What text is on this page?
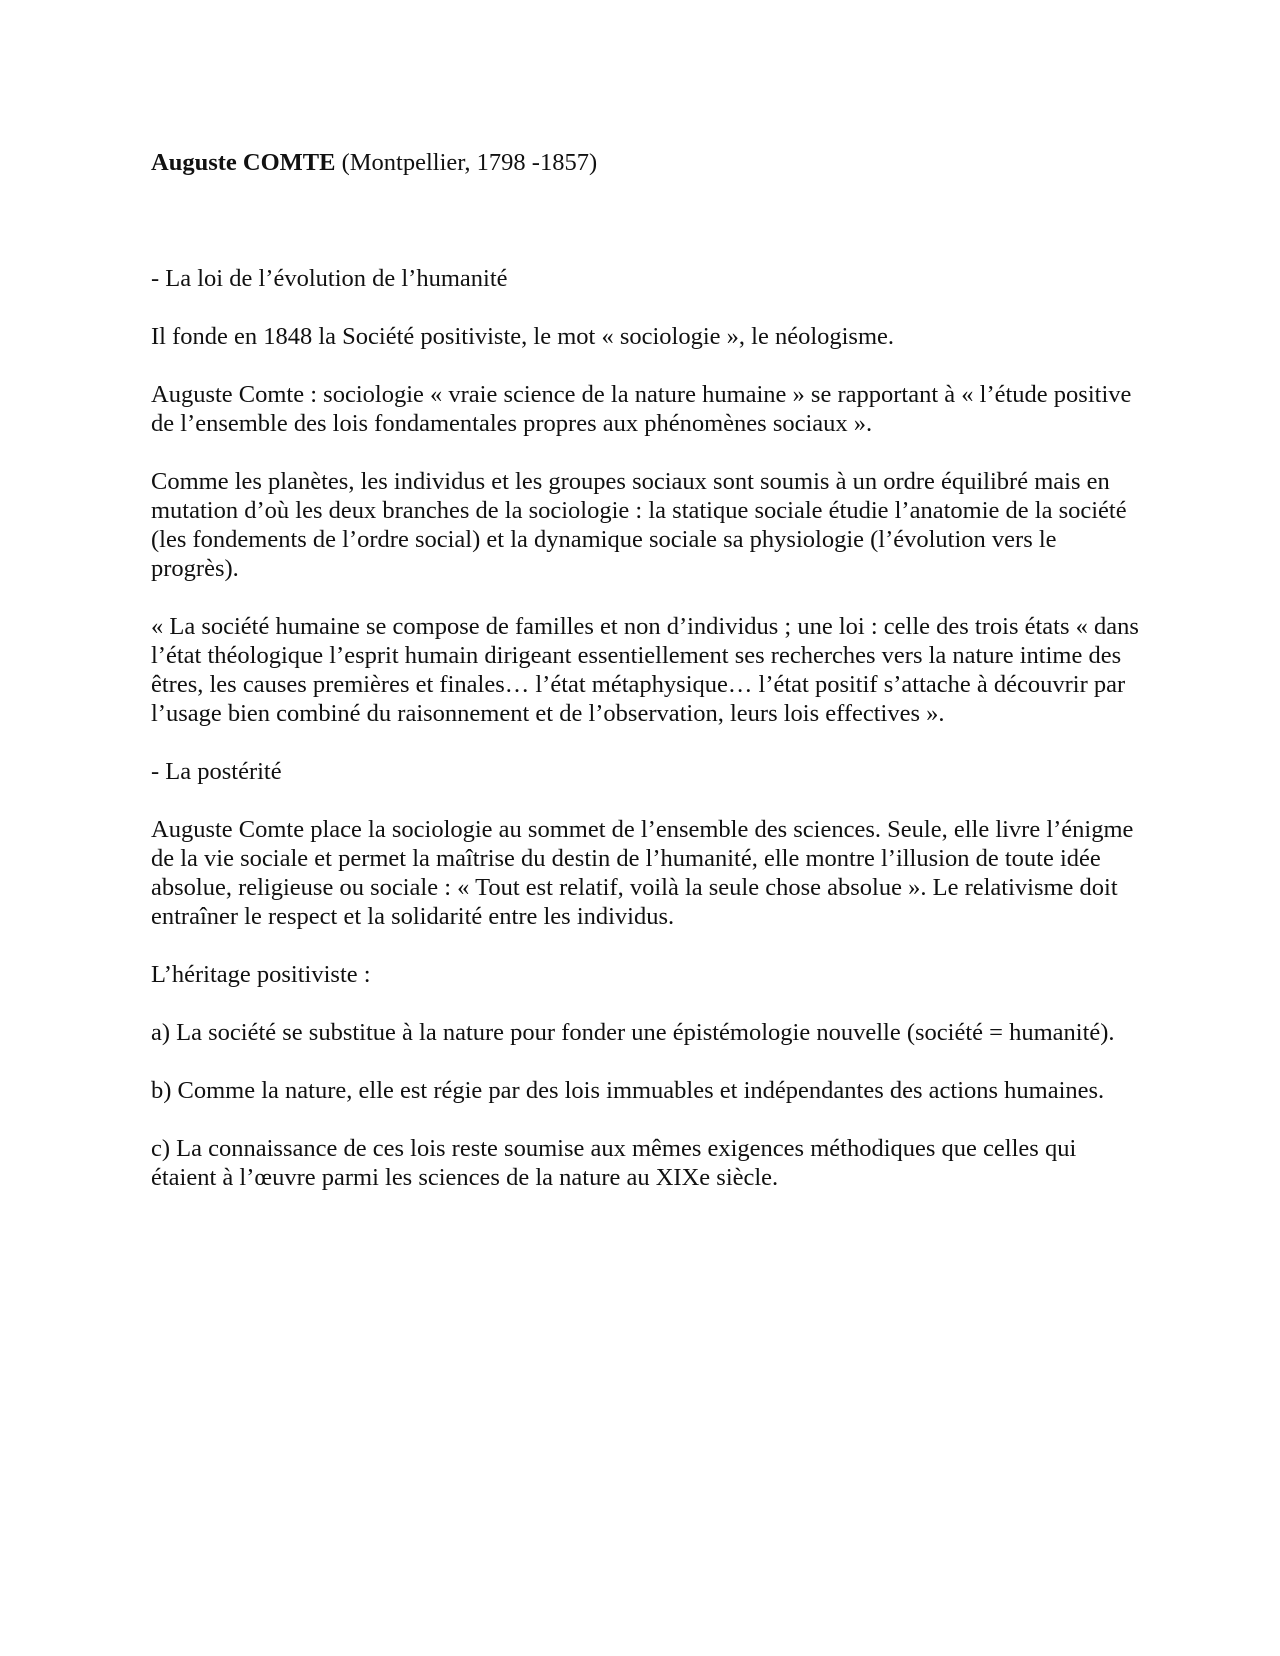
Auguste COMTE (Montpellier, 1798 -1857)

- La loi de l’évolution de l’humanité

Il fonde en 1848 la Société positiviste, le mot « sociologie », le néologisme.

Auguste Comte : sociologie « vraie science de la nature humaine » se rapportant à « l’étude positive de l’ensemble des lois fondamentales propres aux phénomènes sociaux ».

Comme les planètes, les individus et les groupes sociaux sont soumis à un ordre équilibré mais en mutation d’où les deux branches de la sociologie : la statique sociale étudie l’anatomie de la société (les fondements de l’ordre social) et la dynamique sociale sa physiologie (l’évolution vers le progrès).

« La société humaine se compose de familles et non d’individus ; une loi : celle des trois états « dans l’état théologique l’esprit humain dirigeant essentiellement ses recherches vers la nature intime des êtres, les causes premières et finales… l’état métaphysique… l’état positif s’attache à découvrir par l’usage bien combiné du raisonnement et de l’observation, leurs lois effectives ».

- La postérité

Auguste Comte place la sociologie au sommet de l’ensemble des sciences. Seule, elle livre l’énigme de la vie sociale et permet la maîtrise du destin de l’humanité, elle montre l’illusion de toute idée absolue, religieuse ou sociale : « Tout est relatif, voilà la seule chose absolue ». Le relativisme doit entraîner le respect et la solidarité entre les individus.

L’héritage positiviste :

a) La société se substitue à la nature pour fonder une épistémologie nouvelle (société = humanité).

b) Comme la nature, elle est régie par des lois immuables et indépendantes des actions humaines.

c) La connaissance de ces lois reste soumise aux mêmes exigences méthodiques que celles qui étaient à l’œuvre parmi les sciences de la nature au XIXe siècle.
